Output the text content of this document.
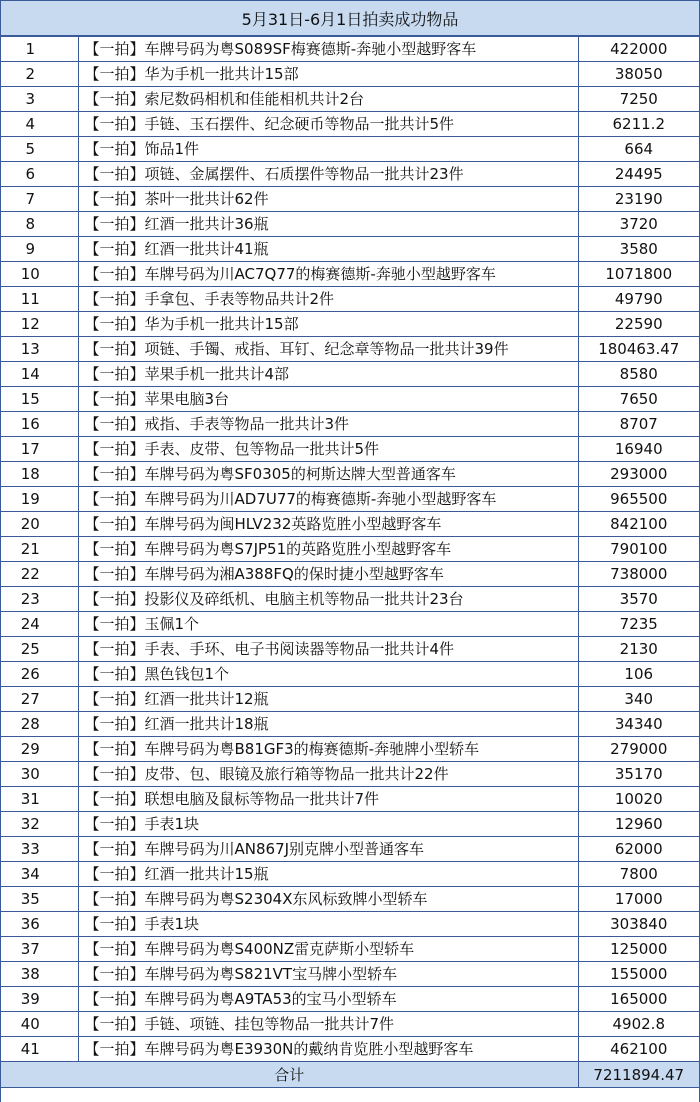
5月31日-6月1日拍卖成功物品
1	【一拍】车牌号码为粤S089SF梅赛德斯-奔驰小型越野客车	422000
2	【一拍】华为手机一批共计15部	38050
3	【一拍】索尼数码相机和佳能相机共计2台	7250
4	【一拍】手链、玉石摆件、纪念硬币等物品一批共计5件	6211.2
5	【一拍】饰品1件	664
6	【一拍】项链、金属摆件、石质摆件等物品一批共计23件	24495
7	【一拍】茶叶一批共计62件	23190
8	【一拍】红酒一批共计36瓶	3720
9	【一拍】红酒一批共计41瓶	3580
10	【一拍】车牌号码为川AC7Q77的梅赛德斯-奔驰小型越野客车	1071800
11	【一拍】手拿包、手表等物品共计2件	49790
12	【一拍】华为手机一批共计15部	22590
13	【一拍】项链、手镯、戒指、耳钉、纪念章等物品一批共计39件	180463.47
14	【一拍】苹果手机一批共计4部	8580
15	【一拍】苹果电脑3台	7650
16	【一拍】戒指、手表等物品一批共计3件	8707
17	【一拍】手表、皮带、包等物品一批共计5件	16940
18	【一拍】车牌号码为粤SF0305的柯斯达牌大型普通客车	293000
19	【一拍】车牌号码为川AD7U77的梅赛德斯-奔驰小型越野客车	965500
20	【一拍】车牌号码为闽HLV232英路览胜小型越野客车	842100
21	【一拍】车牌号码为粤S7JP51的英路览胜小型越野客车	790100
22	【一拍】车牌号码为湘A388FQ的保时捷小型越野客车	738000
23	【一拍】投影仪及碎纸机、电脑主机等物品一批共计23台	3570
24	【一拍】玉佩1个	7235
25	【一拍】手表、手环、电子书阅读器等物品一批共计4件	2130
26	【一拍】黑色钱包1个	106
27	【一拍】红酒一批共计12瓶	340
28	【一拍】红酒一批共计18瓶	34340
29	【一拍】车牌号码为粤B81GF3的梅赛德斯-奔驰牌小型轿车	279000
30	【一拍】皮带、包、眼镜及旅行箱等物品一批共计22件	35170
31	【一拍】联想电脑及鼠标等物品一批共计7件	10020
32	【一拍】手表1块	12960
33	【一拍】车牌号码为川AN867J别克牌小型普通客车	62000
34	【一拍】红酒一批共计15瓶	7800
35	【一拍】车牌号码为粤S2304X东风标致牌小型轿车	17000
36	【一拍】手表1块	303840
37	【一拍】车牌号码为粤S400NZ雷克萨斯小型轿车	125000
38	【一拍】车牌号码为粤S821VT宝马牌小型轿车	155000
39	【一拍】车牌号码为粤A9TA53的宝马小型轿车	165000
40	【一拍】手链、项链、挂包等物品一批共计7件	4902.8
41	【一拍】车牌号码为粤E3930N的戴纳肯览胜小型越野客车	462100
合计		7211894.47
